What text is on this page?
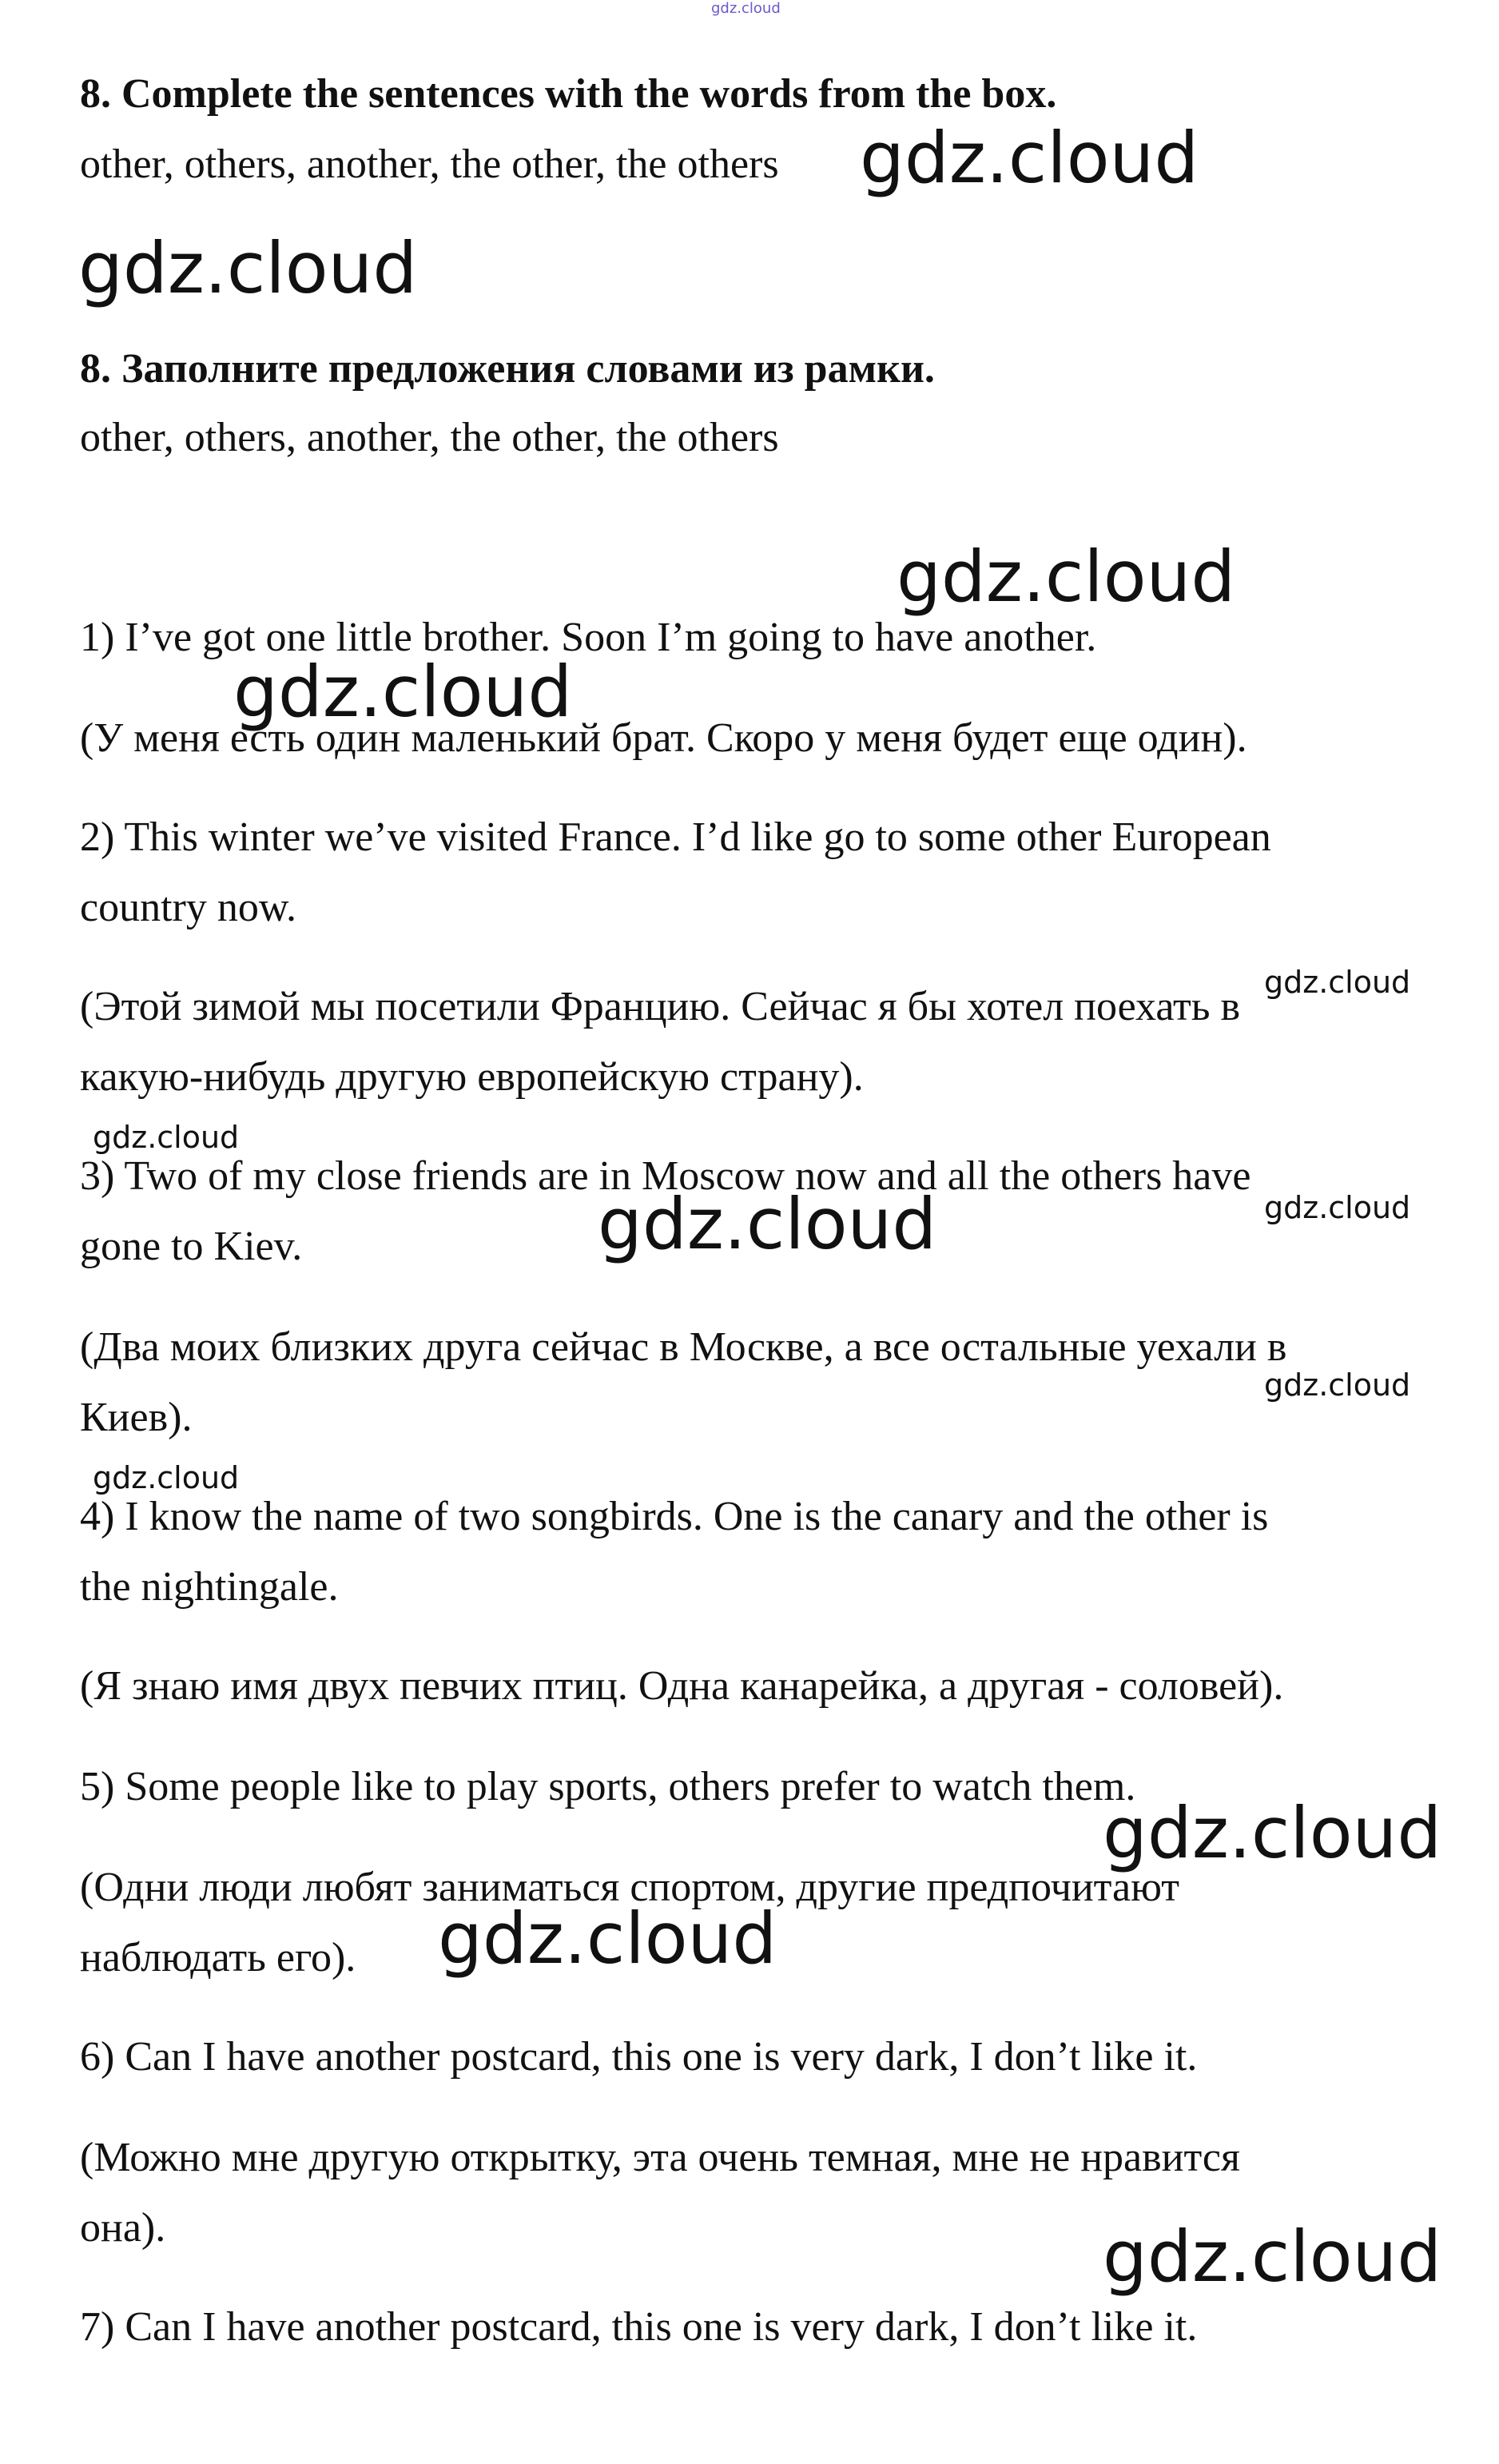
gdz.cloud
8. Complete the sentences with the words from the box.
other, others, another, the other, the others
8. Заполните предложения словами из рамки.
other, others, another, the other, the others
1) I’ve got one little brother. Soon I’m going to have another.
(У меня есть один маленький брат. Скоро у меня будет еще один).
2) This winter we’ve visited France. I’d like go to some other European
country now.
(Этой зимой мы посетили Францию. Сейчас я бы хотел поехать в
какую-нибудь другую европейскую страну).
3) Two of my close friends are in Moscow now and all the others have
gone to Kiev.
(Два моих близких друга сейчас в Москве, а все остальные уехали в
Киев).
4) I know the name of two songbirds. One is the canary and the other is
the nightingale.
(Я знаю имя двух певчих птиц. Одна канарейка, а другая - соловей).
5) Some people like to play sports, others prefer to watch them.
(Одни люди любят заниматься спортом, другие предпочитают
наблюдать его).
6) Can I have another postcard, this one is very dark, I don’t like it.
(Можно мне другую открытку, эта очень темная, мне не нравится
она).
7) Can I have another postcard, this one is very dark, I don’t like it.
gdz.cloud
gdz.cloud
gdz.cloud
gdz.cloud
gdz.cloud
gdz.cloud
gdz.cloud
gdz.cloud
gdz.cloud
gdz.cloud
gdz.cloud
gdz.cloud
gdz.cloud
